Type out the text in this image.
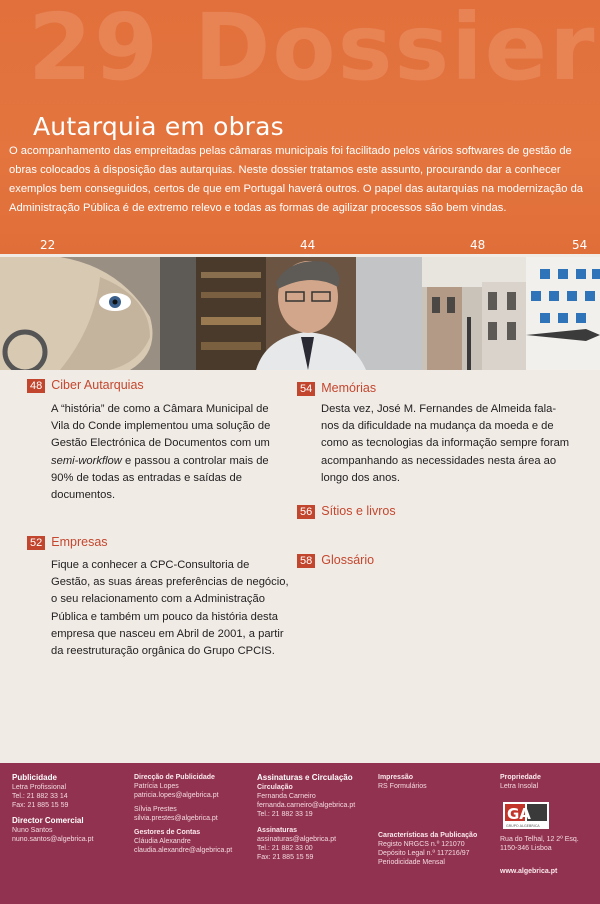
29 Dossier
Autarquia em obras
O acompanhamento das empreitadas pelas câmaras municipais foi facilitado pelos vários softwares de gestão de obras colocados à disposição das autarquias. Neste dossier tratamos este assunto, procurando dar a conhecer exemplos bem conseguidos, certos de que em Portugal haverá outros. O papel das autarquias na modernização da Administração Pública é de extremo relevo e todas as formas de agilizar processos são bem vindas.
22	44	48	54
48 Ciber Autarquias
A “história” de como a Câmara Municipal de Vila do Conde implementou uma solução de Gestão Electrónica de Documentos com um semi-workflow e passou a controlar mais de 90% de todas as entradas e saídas de documentos.
52 Empresas
Fique a conhecer a CPC-Consultoria de Gestão, as suas áreas preferências de negócio, o seu relacionamento com a Administração Pública e também um pouco da história desta empresa que nasceu em Abril de 2001, a partir da reestruturação orgânica do Grupo CPCIS.
54 Memórias
Desta vez, José M. Fernandes de Almeida fala-nos da dificuldade na mudança da moeda e de como as tecnologias da informação sempre foram acompanhando as necessidades nesta área ao longo dos anos.
56 Sítios e livros
58 Glossário
Publicidade
Letra Profissional
Tel.: 21 882 33 14
Fax: 21 885 15 59
Director Comercial
Nuno Santos
nuno.santos@algebrica.pt
Direcção de Publicidade
Patrícia Lopes
patricia.lopes@algebrica.pt
Sílvia Prestes
silvia.prestes@algebrica.pt
Gestores de Contas
Cláudia Alexandre
claudia.alexandre@algebrica.pt
Assinaturas e Circulação
Circulação
Fernanda Carneiro
fernanda.carneiro@algebrica.pt
Tel.: 21 882 33 19
Assinaturas
assinaturas@algebrica.pt
Tel.: 21 882 33 00
Fax: 21 885 15 59
Impressão
RS Formulários
Características da Publicação
Registo NRGCS n.º 121070
Depósito Legal n.º 117216/97
Periodicidade Mensal
Propriedade
Letra Insolal
Rua do Telhal, 12 2º Esq.
1150-346 Lisboa
www.algebrica.pt
GA
GRUPO ALGEBRICA
